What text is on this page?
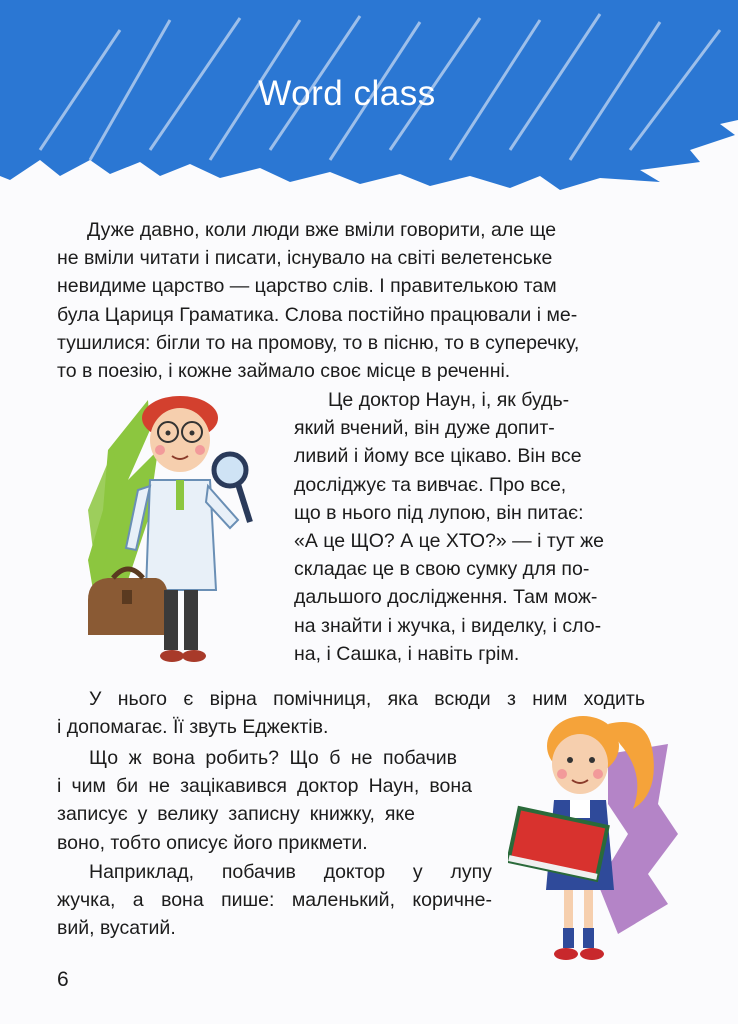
Word class
Дуже давно, коли люди вже вміли говорити, але ще
не вміли читати і писати, існувало на світі велетенське
невидиме царство — царство слів. І правителькою там
була Цариця Граматика. Слова постійно працювали і ме-
тушилися: бігли то на промову, то в пісню, то в суперечку,
то в поезію, і кожне займало своє місце в реченні.
Це доктор Наун, і, як будь-
який вчений, він дуже допит-
ливий і йому все цікаво. Він все
досліджує та вивчає. Про все,
що в нього під лупою, він питає:
«А це ЩО? А це ХТО?» — і тут же
складає це в свою сумку для по-
дальшого дослідження. Там мож-
на знайти і жучка, і виделку, і сло-
на, і Сашка, і навіть грім.
У нього є вірна помічниця, яка всюди з ним ходить
і допомагає. Її звуть Еджектів.
Що ж вона робить? Що б не побачив
і чим би не зацікавився доктор Наун, вона
записує у велику записну книжку, яке
воно, тобто описує його прикмети.
Наприклад, побачив доктор у лупу
жучка, а вона пише: маленький, коричне-
вий, вусатий.
6
